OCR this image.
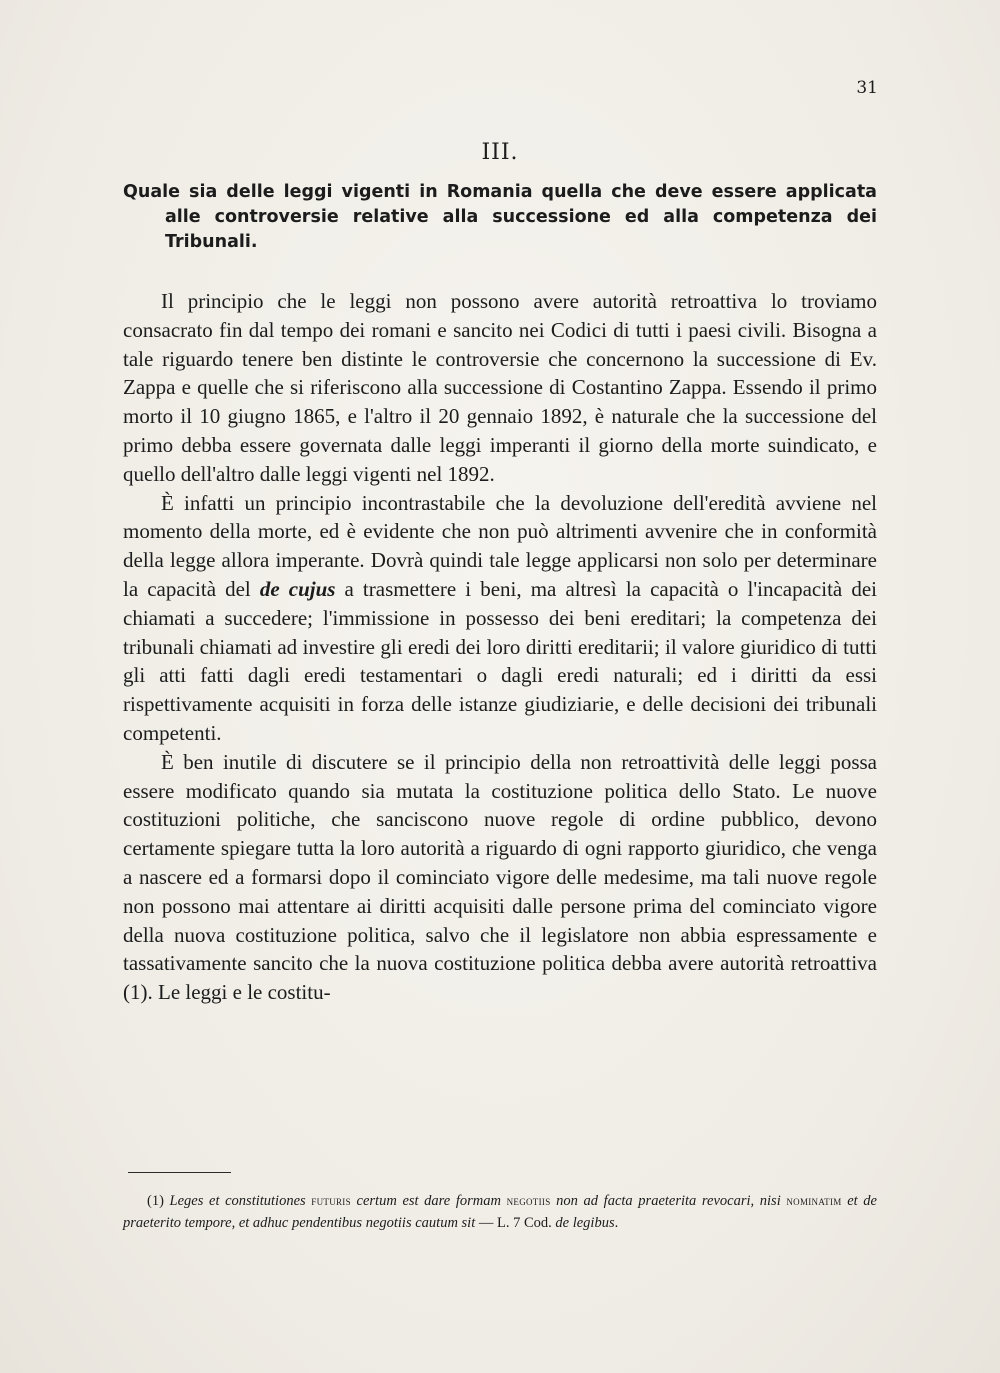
31
III.
Quale sia delle leggi vigenti in Romania quella che deve essere applicata alle controversie relative alla successione ed alla competenza dei Tribunali.

Il principio che le leggi non possono avere autorità retroattiva lo troviamo consacrato fin dal tempo dei romani e sancito nei Codici di tutti i paesi civili. Bisogna a tale riguardo tenere ben distinte le controversie che concernono la successione di Ev. Zappa e quelle che si riferiscono alla successione di Costantino Zappa. Essendo il primo morto il 10 giugno 1865, e l'altro il 20 gennaio 1892, è naturale che la successione del primo debba essere governata dalle leggi imperanti il giorno della morte suindicato, e quello dell'altro dalle leggi vigenti nel 1892.

È infatti un principio incontrastabile che la devoluzione dell'eredità avviene nel momento della morte, ed è evidente che non può altrimenti avvenire che in conformità della legge allora imperante. Dovrà quindi tale legge applicarsi non solo per determinare la capacità del de cujus a trasmettere i beni, ma altresì la capacità o l'incapacità dei chiamati a succedere; l'immissione in possesso dei beni ereditari; la competenza dei tribunali chiamati ad investire gli eredi dei loro diritti ereditarii; il valore giuridico di tutti gli atti fatti dagli eredi testamentari o dagli eredi naturali; ed i diritti da essi rispettivamente acquisiti in forza delle istanze giudiziarie, e delle decisioni dei tribunali competenti.

È ben inutile di discutere se il principio della non retroattività delle leggi possa essere modificato quando sia mutata la costituzione politica dello Stato. Le nuove costituzioni politiche, che sanciscono nuove regole di ordine pubblico, devono certamente spiegare tutta la loro autorità a riguardo di ogni rapporto giuridico, che venga a nascere ed a formarsi dopo il cominciato vigore delle medesime, ma tali nuove regole non possono mai attentare ai diritti acquisiti dalle persone prima del cominciato vigore della nuova costituzione politica, salvo che il legislatore non abbia espressamente e tassativamente sancito che la nuova costituzione politica debba avere autorità retroattiva (1). Le leggi e le costitu-

(1) Leges et constitutiones futuris certum est dare formam negotiis non ad facta praeterita revocari, nisi nominatim et de praeterito tempore, et adhuc pendentibus negotiis cautum sit — L. 7 Cod. de legibus.
